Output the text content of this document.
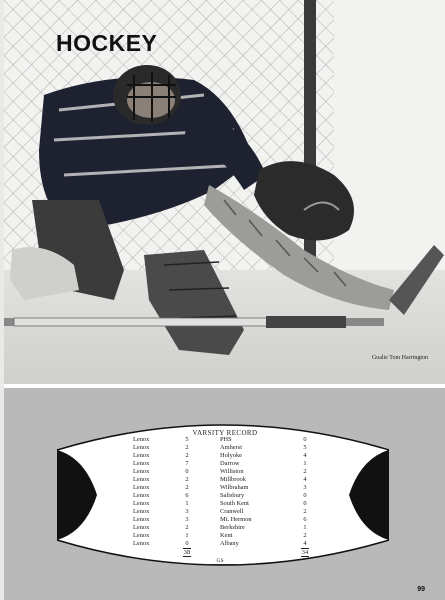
HOCKEY
Goalie Tom Harrington
VARSITY RECORD
Lenox	5	PHS	0
Lenox	2	Amherst	5
Lenox	2	Holyoke	4
Lenox	7	Darrow	1
Lenox	0	Williston	2
Lenox	2	Millbrook	4
Lenox	2	Wilbraham	3
Lenox	6	Salisbury	0
Lenox	1	South Kent	0
Lenox	3	Cranwell	2
Lenox	3	Mt. Hermon	6
Lenox	2	Berkshire	1
Lenox	1	Kent	2
Lenox	0	Albany	4
38	34
GS
99
